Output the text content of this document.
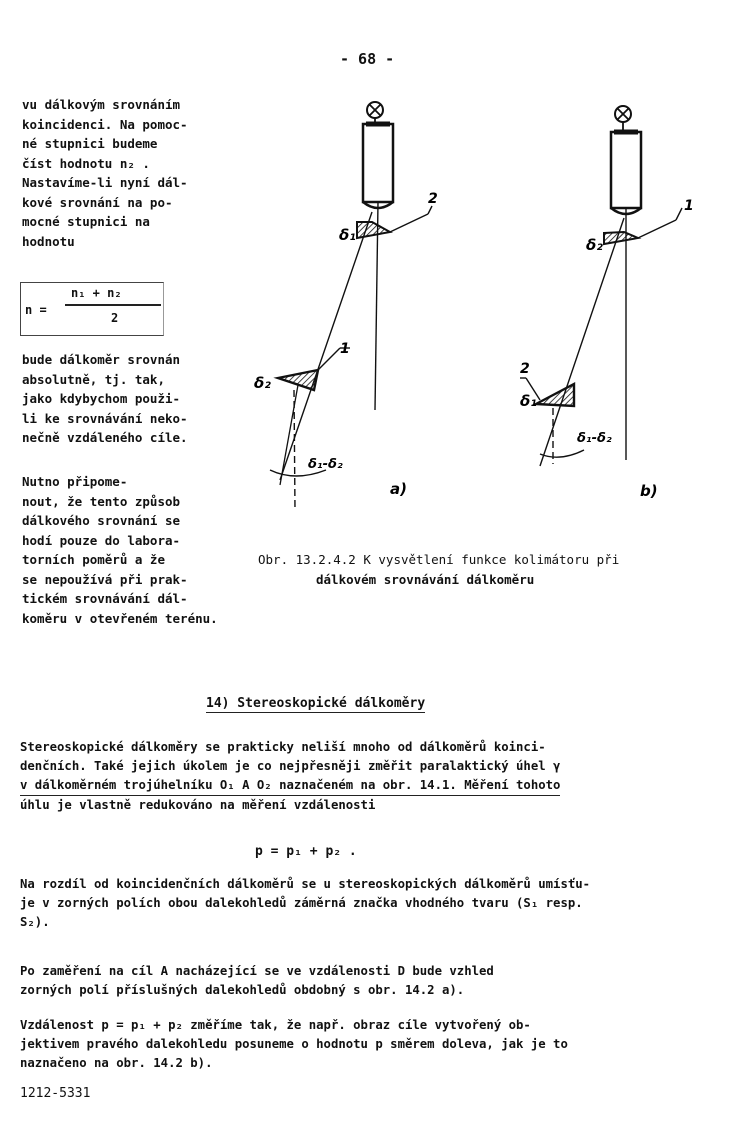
- 68 -
vu dálkovým srovnáním
koincidenci. Na pomoc-
né stupnici budeme
číst hodnotu n₂ .
Nastavíme-li nyní dál-
kové srovnání na po-
mocné stupnici na
hodnotu
n =
n₁ + n₂
2
bude dálkoměr srovnán
absolutně, tj. tak,
jako kdybychom použi-
li ke srovnávání neko-
nečně vzdáleného cíle.
Nutno připome-
nout, že tento způsob
dálkového srovnání se
hodí pouze do labora-
torních poměrů a že
se nepoužívá při prak-
tickém srovnávání dál-
koměru v otevřeném terénu.
δ₁
2
1
δ₂
δ₁-δ₂
a)
δ₂
1
2
δ₁
δ₁-δ₂
b)
Obr. 13.2.4.2 K vysvětlení funkce kolimátoru při
dálkovém srovnávání dálkoměru
14) Stereoskopické dálkoměry
Stereoskopické dálkoměry se prakticky neliší mnoho od dálkoměrů koinci-
denčních. Také jejich úkolem je co nejpřesněji změřit paralaktický úhel γ
v dálkoměrném trojúhelníku O₁ A O₂ naznačeném na obr. 14.1. Měření tohoto
úhlu je vlastně redukováno na měření vzdálenosti
p = p₁ + p₂ .
Na rozdíl od koincidenčních dálkoměrů se u stereoskopických dálkoměrů umísťu-
je v zorných polích obou dalekohledů záměrná značka vhodného tvaru (S₁ resp.
S₂).
Po zaměření na cíl A nacházející se ve vzdálenosti D bude vzhled
zorných polí příslušných dalekohledů obdobný s obr. 14.2 a).
Vzdálenost p = p₁ + p₂ změříme tak, že např. obraz cíle vytvořený ob-
jektivem pravého dalekohledu posuneme o hodnotu p směrem doleva, jak je to
naznačeno na obr. 14.2 b).
1212-5331
